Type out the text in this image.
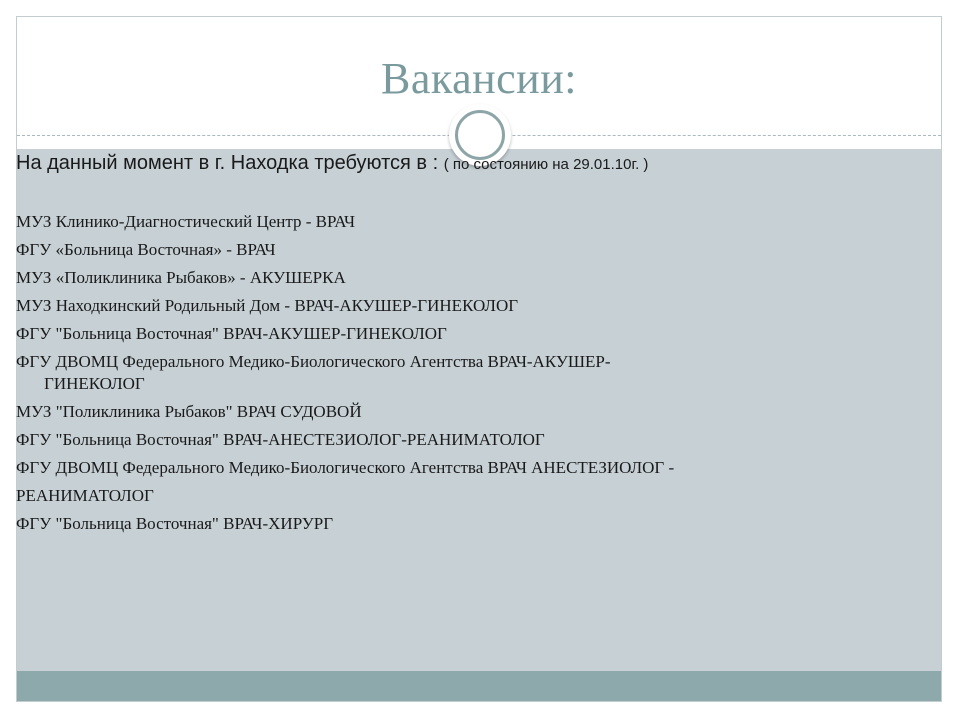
Вакансии:
На данный момент в г. Находка требуются в : ( по состоянию на 29.01.10г. )
МУЗ Клинико-Диагностический Центр - ВРАЧ
ФГУ «Больница Восточная» - ВРАЧ
МУЗ «Поликлиника Рыбаков» - АКУШЕРКА
МУЗ Находкинский Родильный Дом - ВРАЧ-АКУШЕР-ГИНЕКОЛОГ
ФГУ "Больница Восточная" ВРАЧ-АКУШЕР-ГИНЕКОЛОГ
ФГУ ДВОМЦ Федерального Медико-Биологического Агентства ВРАЧ-АКУШЕР-
ГИНЕКОЛОГ
МУЗ "Поликлиника Рыбаков" ВРАЧ СУДОВОЙ
ФГУ "Больница Восточная" ВРАЧ-АНЕСТЕЗИОЛОГ-РЕАНИМАТОЛОГ
ФГУ ДВОМЦ Федерального Медико-Биологического Агентства ВРАЧ АНЕСТЕЗИОЛОГ -
РЕАНИМАТОЛОГ
ФГУ "Больница Восточная" ВРАЧ-ХИРУРГ
